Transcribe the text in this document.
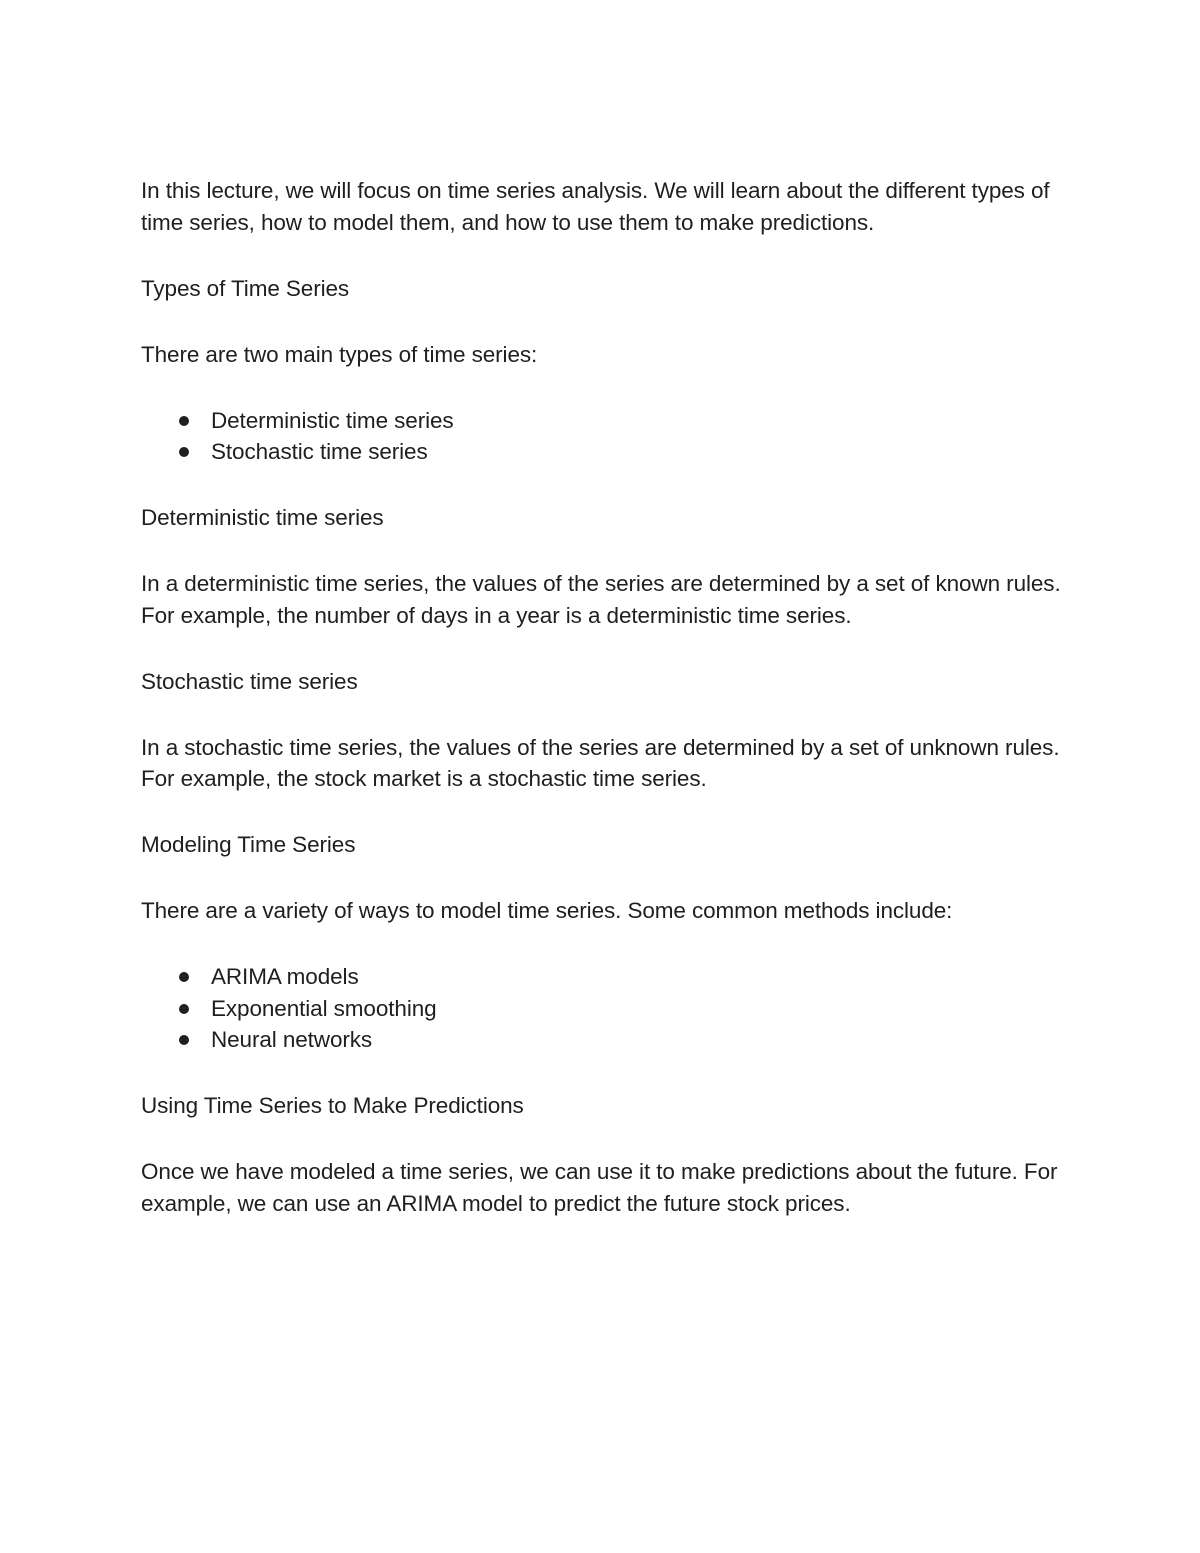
In this lecture, we will focus on time series analysis. We will learn about the different types of time series, how to model them, and how to use them to make predictions.

Types of Time Series

There are two main types of time series:

Deterministic time series
Stochastic time series

Deterministic time series

In a deterministic time series, the values of the series are determined by a set of known rules. For example, the number of days in a year is a deterministic time series.

Stochastic time series

In a stochastic time series, the values of the series are determined by a set of unknown rules. For example, the stock market is a stochastic time series.

Modeling Time Series

There are a variety of ways to model time series. Some common methods include:

ARIMA models
Exponential smoothing
Neural networks

Using Time Series to Make Predictions

Once we have modeled a time series, we can use it to make predictions about the future. For example, we can use an ARIMA model to predict the future stock prices.
